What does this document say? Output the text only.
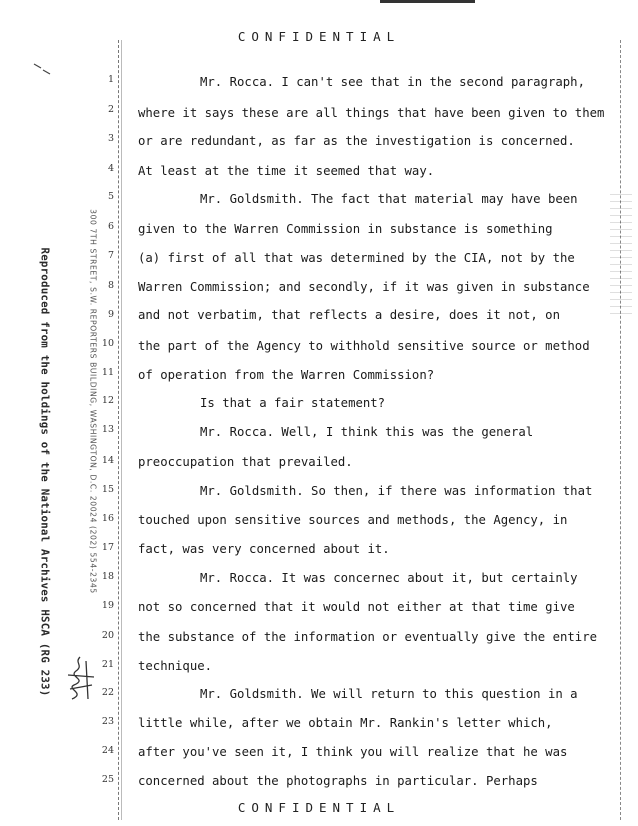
CONFIDENTIAL
Reproduced from the holdings of the National Archives HSCA (RG 233)	300 7TH STREET, S.W. REPORTERS BUILDING, WASHINGTON, D.C. 20024 (202) 554-2345
1
2
3
4
5
6
7
8
9
10
11
12
13
14
15
16
17
18
19
20
21
22
23
24
25
Mr. Rocca. I can't see that in the second paragraph,
where it says these are all things that have been given to them
or are redundant, as far as the investigation is concerned.
At least at the time it seemed that way.
Mr. Goldsmith. The fact that material may have been
given to the Warren Commission in substance is something
(a) first of all that was determined by the CIA, not by the
Warren Commission; and secondly, if it was given in substance
and not verbatim, that reflects a desire, does it not, on
the part of the Agency to withhold sensitive source or method
of operation from the Warren Commission?
Is that a fair statement?
Mr. Rocca. Well, I think this was the general
preoccupation that prevailed.
Mr. Goldsmith. So then, if there was information that
touched upon sensitive sources and methods, the Agency, in
fact, was very concerned about it.
Mr. Rocca. It was concernec about it, but certainly
not so concerned that it would not either at that time give
the substance of the information or eventually give the entire
technique.
Mr. Goldsmith. We will return to this question in a
little while, after we obtain Mr. Rankin's letter which,
after you've seen it, I think you will realize that he was
concerned about the photographs in particular. Perhaps
CONFIDENTIAL
